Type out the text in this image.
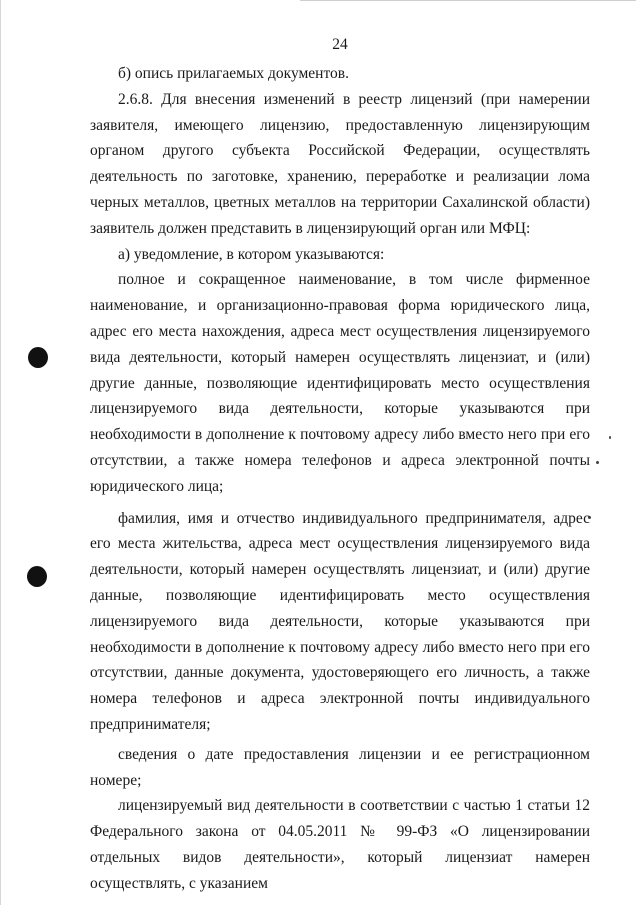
24

б) опись прилагаемых документов.

2.6.8. Для внесения изменений в реестр лицензий (при намерении заявителя, имеющего лицензию, предоставленную лицензирующим органом другого субъекта Российской Федерации, осуществлять деятельность по заготовке, хранению, переработке и реализации лома черных металлов, цветных металлов на территории Сахалинской области) заявитель должен представить в лицензирующий орган или МФЦ:

а) уведомление, в котором указываются:

полное и сокращенное наименование, в том числе фирменное наименование, и организационно-правовая форма юридического лица, адрес его места нахождения, адреса мест осуществления лицензируемого вида деятельности, который намерен осуществлять лицензиат, и (или) другие данные, позволяющие идентифицировать место осуществления лицензируемого вида деятельности, которые указываются при необходимости в дополнение к почтовому адресу либо вместо него при его отсутствии, а также номера телефонов и адреса электронной почты юридического лица;

фамилия, имя и отчество индивидуального предпринимателя, адрес его места жительства, адреса мест осуществления лицензируемого вида деятельности, который намерен осуществлять лицензиат, и (или) другие данные, позволяющие идентифицировать место осуществления лицензируемого вида деятельности, которые указываются при необходимости в дополнение к почтовому адресу либо вместо него при его отсутствии, данные документа, удостоверяющего его личность, а также номера телефонов и адреса электронной почты индивидуального предпринимателя;

сведения о дате предоставления лицензии и ее регистрационном номере;

лицензируемый вид деятельности в соответствии с частью 1 статьи 12 Федерального закона от 04.05.2011 № 99-ФЗ «О лицензировании отдельных видов деятельности», который лицензиат намерен осуществлять, с указанием
